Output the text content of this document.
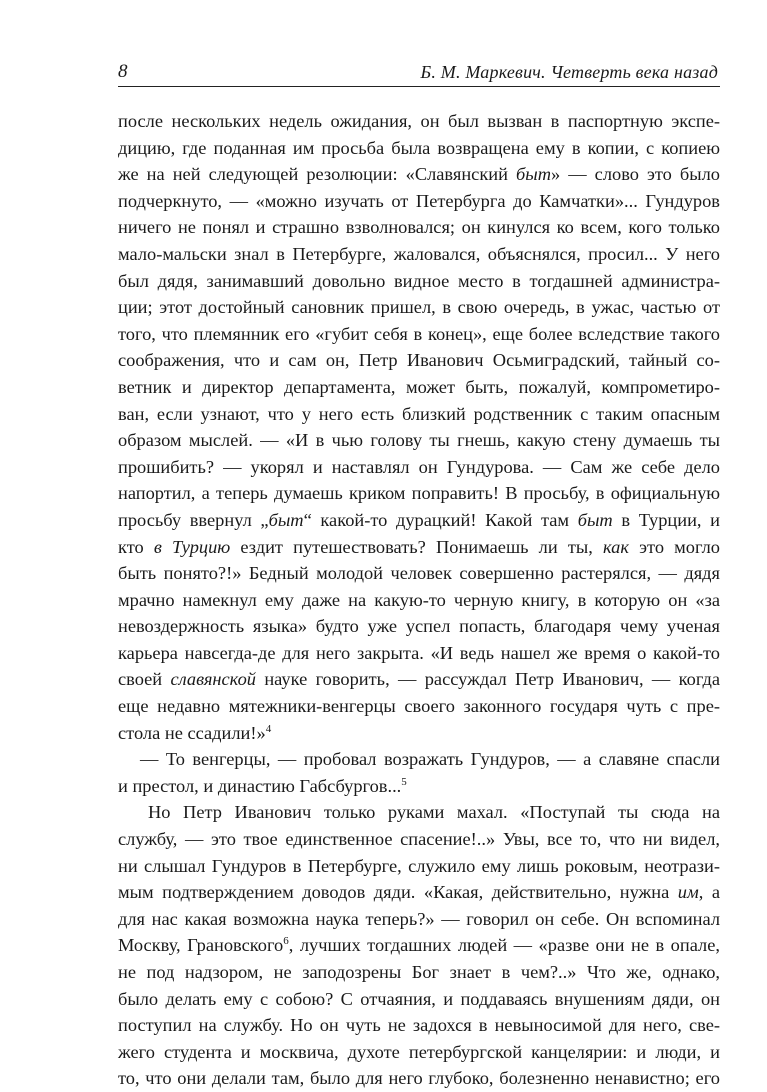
8	Б. М. Маркевич. Четверть века назад
после нескольких недель ожидания, он был вызван в паспортную экспе-
дицию, где поданная им просьба была возвращена ему в копии, с копиею
же на ней следующей резолюции: «Славянский быт» — слово это было
подчеркнуто, — «можно изучать от Петербурга до Камчатки»... Гундуров
ничего не понял и страшно взволновался; он кинулся ко всем, кого только
мало-мальски знал в Петербурге, жаловался, объяснялся, просил... У него
был дядя, занимавший довольно видное место в тогдашней администра-
ции; этот достойный сановник пришел, в свою очередь, в ужас, частью от
того, что племянник его «губит себя в конец», еще более вследствие такого
соображения, что и сам он, Петр Иванович Осьмиградский, тайный со-
ветник и директор департамента, может быть, пожалуй, компрометиро-
ван, если узнают, что у него есть близкий родственник с таким опасным
образом мыслей. — «И в чью голову ты гнешь, какую стену думаешь ты
прошибить? — укорял и наставлял он Гундурова. — Сам же себе дело
напортил, а теперь думаешь криком поправить! В просьбу, в официальную
просьбу ввернул „быт“ какой-то дурацкий! Какой там быт в Турции, и
кто в Турцию ездит путешествовать? Понимаешь ли ты, как это могло
быть понято?!» Бедный молодой человек совершенно растерялся, — дядя
мрачно намекнул ему даже на какую-то черную книгу, в которую он «за
невоздержность языка» будто уже успел попасть, благодаря чему ученая
карьера навсегда-де для него закрыта. «И ведь нашел же время о какой-то
своей славянской науке говорить, — рассуждал Петр Иванович, — когда
еще недавно мятежники-венгерцы своего законного государя чуть с пре-
стола не ссадили!»$^4$
— То венгерцы, — пробовал возражать Гундуров, — а славяне спасли
и престол, и династию Габсбургов...$^5$
Но Петр Иванович только руками махал. «Поступай ты сюда на
службу, — это твое единственное спасение!..» Увы, все то, что ни видел,
ни слышал Гундуров в Петербурге, служило ему лишь роковым, неотрази-
мым подтверждением доводов дяди. «Какая, действительно, нужна им, а
для нас какая возможна наука теперь?» — говорил он себе. Он вспоминал
Москву, Грановского$^6$, лучших тогдашних людей — «разве они не в опале,
не под надзором, не заподозрены Бог знает в чем?..» Что же, однако,
было делать ему с собою? С отчаяния, и поддаваясь внушениям дяди, он
поступил на службу. Но он чуть не задохся в невыносимой для него, све-
жего студента и москвича, духоте петербургской канцелярии: и люди, и
то, что они делали там, было для него глубоко, болезненно ненавистно; его
